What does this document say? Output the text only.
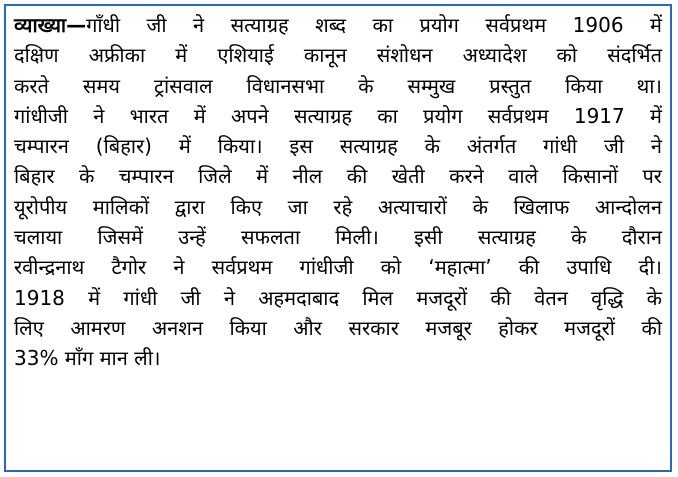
व्याख्या—गाँधी जी ने सत्याग्रह शब्द का प्रयोग सर्वप्रथम 1906 में
दक्षिण अफ्रीका में एशियाई कानून संशोधन अध्यादेश को संदर्भित
करते समय ट्रांसवाल विधानसभा के सम्मुख प्रस्तुत किया था।
गांधीजी ने भारत में अपने सत्याग्रह का प्रयोग सर्वप्रथम 1917 में
चम्पारन (बिहार) में किया। इस सत्याग्रह के अंतर्गत गांधी जी ने
बिहार के चम्पारन जिले में नील की खेती करने वाले किसानों पर
यूरोपीय मालिकों द्वारा किए जा रहे अत्याचारों के खिलाफ आन्दोलन
चलाया जिसमें उन्हें सफलता मिली। इसी सत्याग्रह के दौरान
रवीन्द्रनाथ टैगोर ने सर्वप्रथम गांधीजी को ‘महात्मा’ की उपाधि दी।
1918 में गांधी जी ने अहमदाबाद मिल मजदूरों की वेतन वृद्धि के
लिए आमरण अनशन किया और सरकार मजबूर होकर मजदूरों की
33% माँग मान ली।
